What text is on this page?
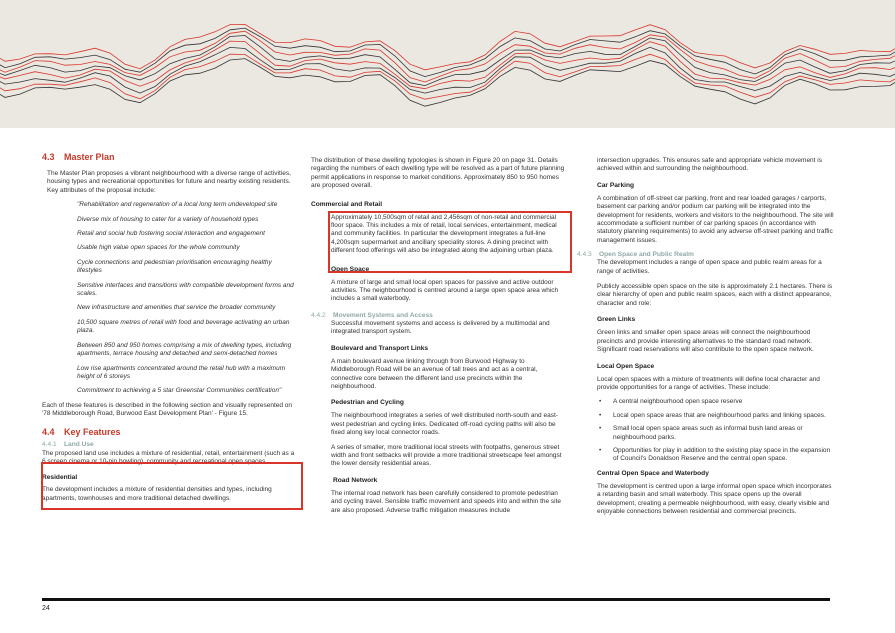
4.3	Master Plan

The Master Plan proposes a vibrant neighbourhood with a diverse range of activities, housing types and recreational opportunities for future and nearby existing residents. Key attributes of the proposal include:

"Rehabilitation and regeneration of a local long term undeveloped site

Diverse mix of housing to cater for a variety of household types

Retail and social hub fostering social interaction and engagement

Usable high value open spaces for the whole community

Cycle connections and pedestrian prioritisation encouraging healthy lifestyles

Sensitive interfaces and transitions with compatible development forms and scales.

New infrastructure and amenities that service the broader community

10,500 square metres of retail with food and beverage activating an urban plaza.

Between 850 and 950 homes comprising a mix of dwelling types, including apartments, terrace housing and detached and semi-detached homes

Low rise apartments concentrated around the retail hub with a maximum height of 6 storeys

Commitment to achieving a 5 star Greenstar Communities certification"

Each of these features is described in the following section and visually represented on '78 Middleborough Road, Burwood East Development Plan' - Figure 15.

4.4	Key Features
4.4.1	Land Use

The proposed land use includes a mixture of residential, retail, entertainment (such as a 6 screen cinema or 10-pin bowling), community and recreational open spaces.

Residential

The development includes a mixture of residential densities and types, including apartments, townhouses and more traditional detached dwellings.

The distribution of these dwelling typologies is shown in Figure 20 on page 31. Details regarding the numbers of each dwelling type will be resolved as a part of future planning permit applications in response to market conditions. Approximately 850 to 950 homes are proposed overall.

Commercial and Retail

Approximately 10,500sqm of retail and 2,456sqm of non-retail and commercial floor space. This includes a mix of retail, local services, entertainment, medical and community facilities. In particular the development integrates a full-line 4,200sqm supermarket and ancillary speciality stores. A dining precinct with different food offerings will also be integrated along the adjoining urban plaza.

Open Space

A mixture of large and small local open spaces for passive and active outdoor activities. The neighbourhood is centred around a large open space area which includes a small waterbody.

4.4.2	Movement Systems and Access

Successful movement systems and access is delivered by a multimodal and integrated transport system.

Boulevard and Transport Links

A main boulevard avenue linking through from Burwood Highway to Middleborough Road will be an avenue of tall trees and act as a central, connective core between the different land use precincts within the neighbourhood.

Pedestrian and Cycling

The neighbourhood integrates a series of well distributed north-south and east-west pedestrian and cycling links. Dedicated off-road cycling paths will also be fixed along key local connector roads.

A series of smaller, more traditional local streets with footpaths, generous street width and front setbacks will provide a more traditional streetscape feel amongst the lower density residential areas.

Road Network

The internal road network has been carefully considered to promote pedestrian and cycling travel. Sensible traffic movement and speeds into and within the site are also proposed. Adverse traffic mitigation measures include

intersection upgrades. This ensures safe and appropriate vehicle movement is achieved within and surrounding the neighbourhood.

Car Parking

A combination of off-street car parking, front and rear loaded garages / carports, basement car parking and/or podium car parking will be integrated into the development for residents, workers and visitors to the neighbourhood. The site will accommodate a sufficient number of car parking spaces (in accordance with statutory planning requirements) to avoid any adverse off-street parking and traffic management issues.

4.4.3	Open Space and Public Realm

The development includes a range of open space and public realm areas for a range of activities.

Publicly accessible open space on the site is approximately 2.1 hectares. There is clear hierarchy of open and public realm spaces, each with a distinct appearance, character and role:

Green Links

Green links and smaller open space areas will connect the neighbourhood precincts and provide interesting alternatives to the standard road network. Significant road reservations will also contribute to the open space network.

Local Open Space

Local open spaces with a mixture of treatments will define local character and provide opportunities for a range of activities. These include:

•	A central neighbourhood open space reserve

•	Local open space areas that are neighbourhood parks and linking spaces.

•	Small local open space areas such as informal bush land areas or neighbourhood parks.

•	Opportunities for play in addition to the existing play space in the expansion of Council's Donaldson Reserve and the central open space.

Central Open Space and Waterbody

The development is centred upon a large informal open space which incorporates a retarding basin and small waterbody. This space opens up the overall development, creating a permeable neighbourhood, with easy, clearly visible and enjoyable connections between residential and commercial precincts.

24
